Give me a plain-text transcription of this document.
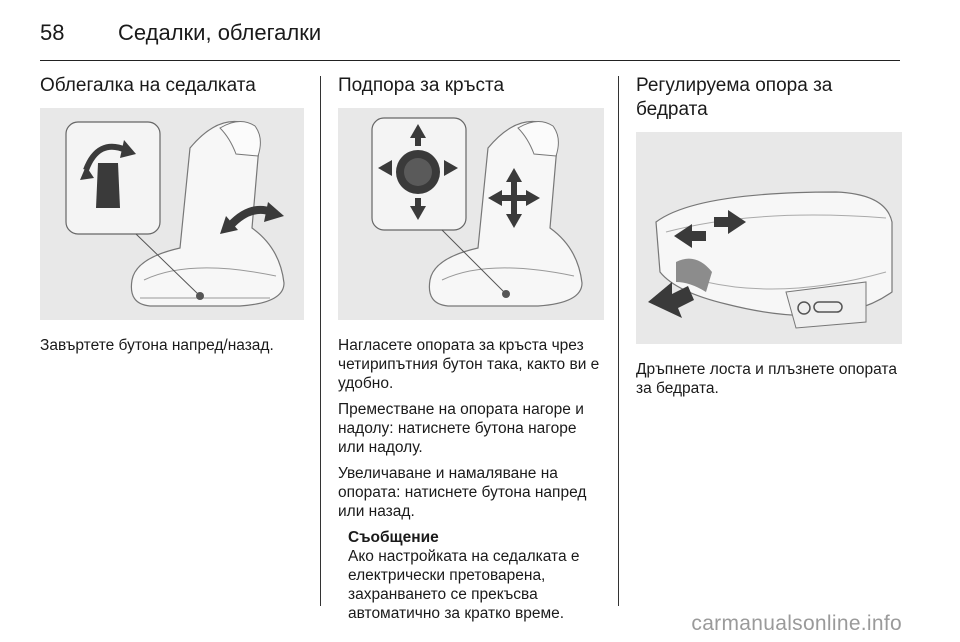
58 Седалки, облегалки
Облегалка на седалката

Завъртете бутона напред/назад.

Подпора за кръста

Нагласете опората за кръста чрез четирипътния бутон така, както ви е удобно.

Преместване на опората нагоре и надолу: натиснете бутона нагоре или надолу.

Увеличаване и намаляване на опората: натиснете бутона напред или назад.

Съобщение
Ако настройката на седалката е електрически претоварена, захранването се прекъсва автоматично за кратко време.
Регулируема опора за бедрата

Дръпнете лоста и плъзнете опората за бедрата.

carmanualsonline.info
